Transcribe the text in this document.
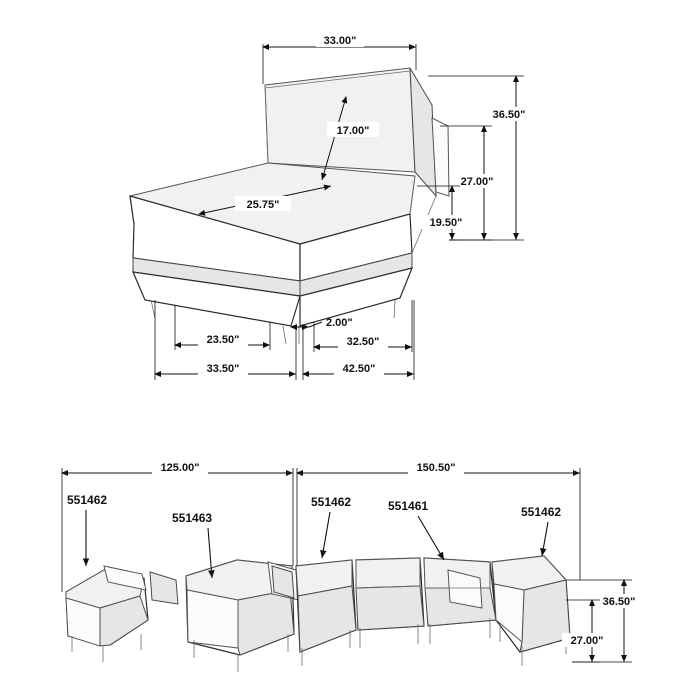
33.00"
17.00"
25.75"
36.50"
27.00"
19.50"
2.00"
23.50"	32.50"
33.50"	42.50"
125.00"	150.50"
36.50"
27.00"
551462
551463
551462	551461	551462
